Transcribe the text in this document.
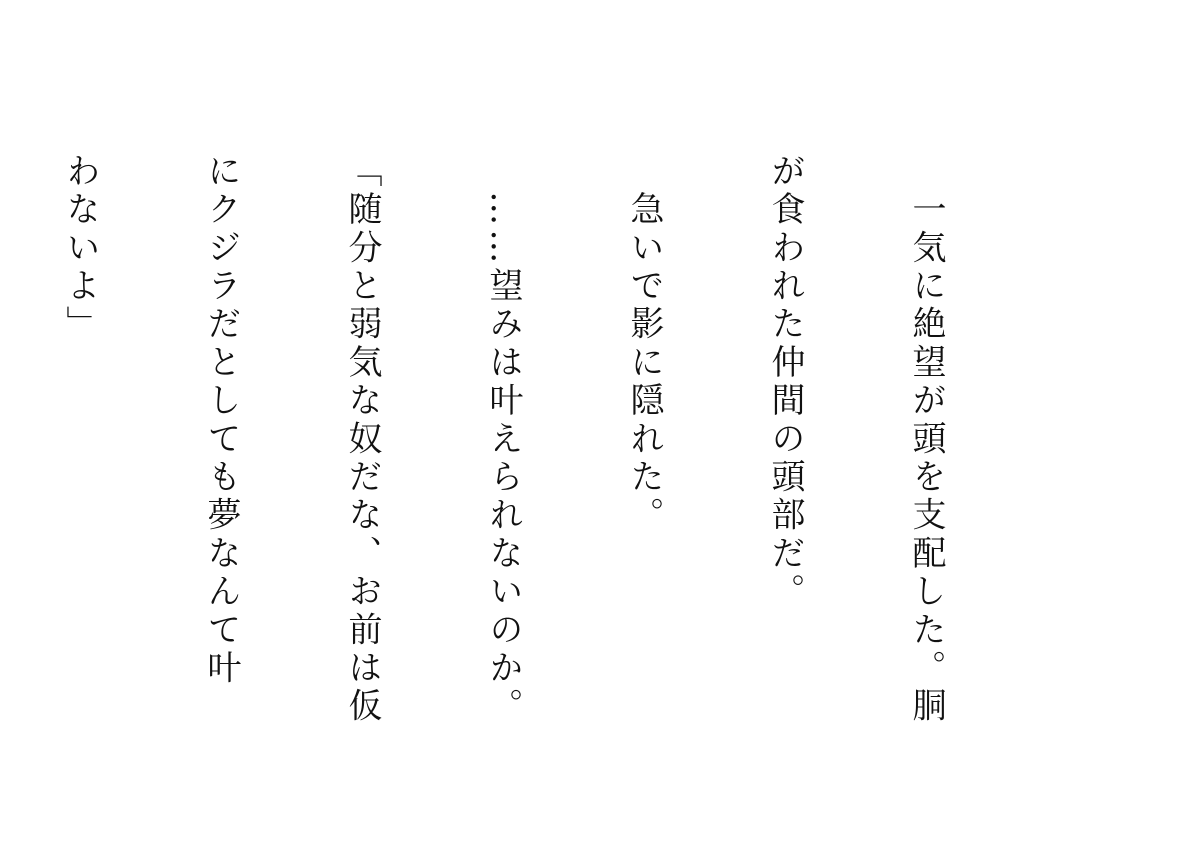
　一気に絶望が頭を支配した。胴

が食われた仲間の頭部だ。

　急いで影に隠れた。

　……望みは叶えられないのか。

「随分と弱気な奴だな、お前は仮

にクジラだとしても夢なんて叶

わないよ」
